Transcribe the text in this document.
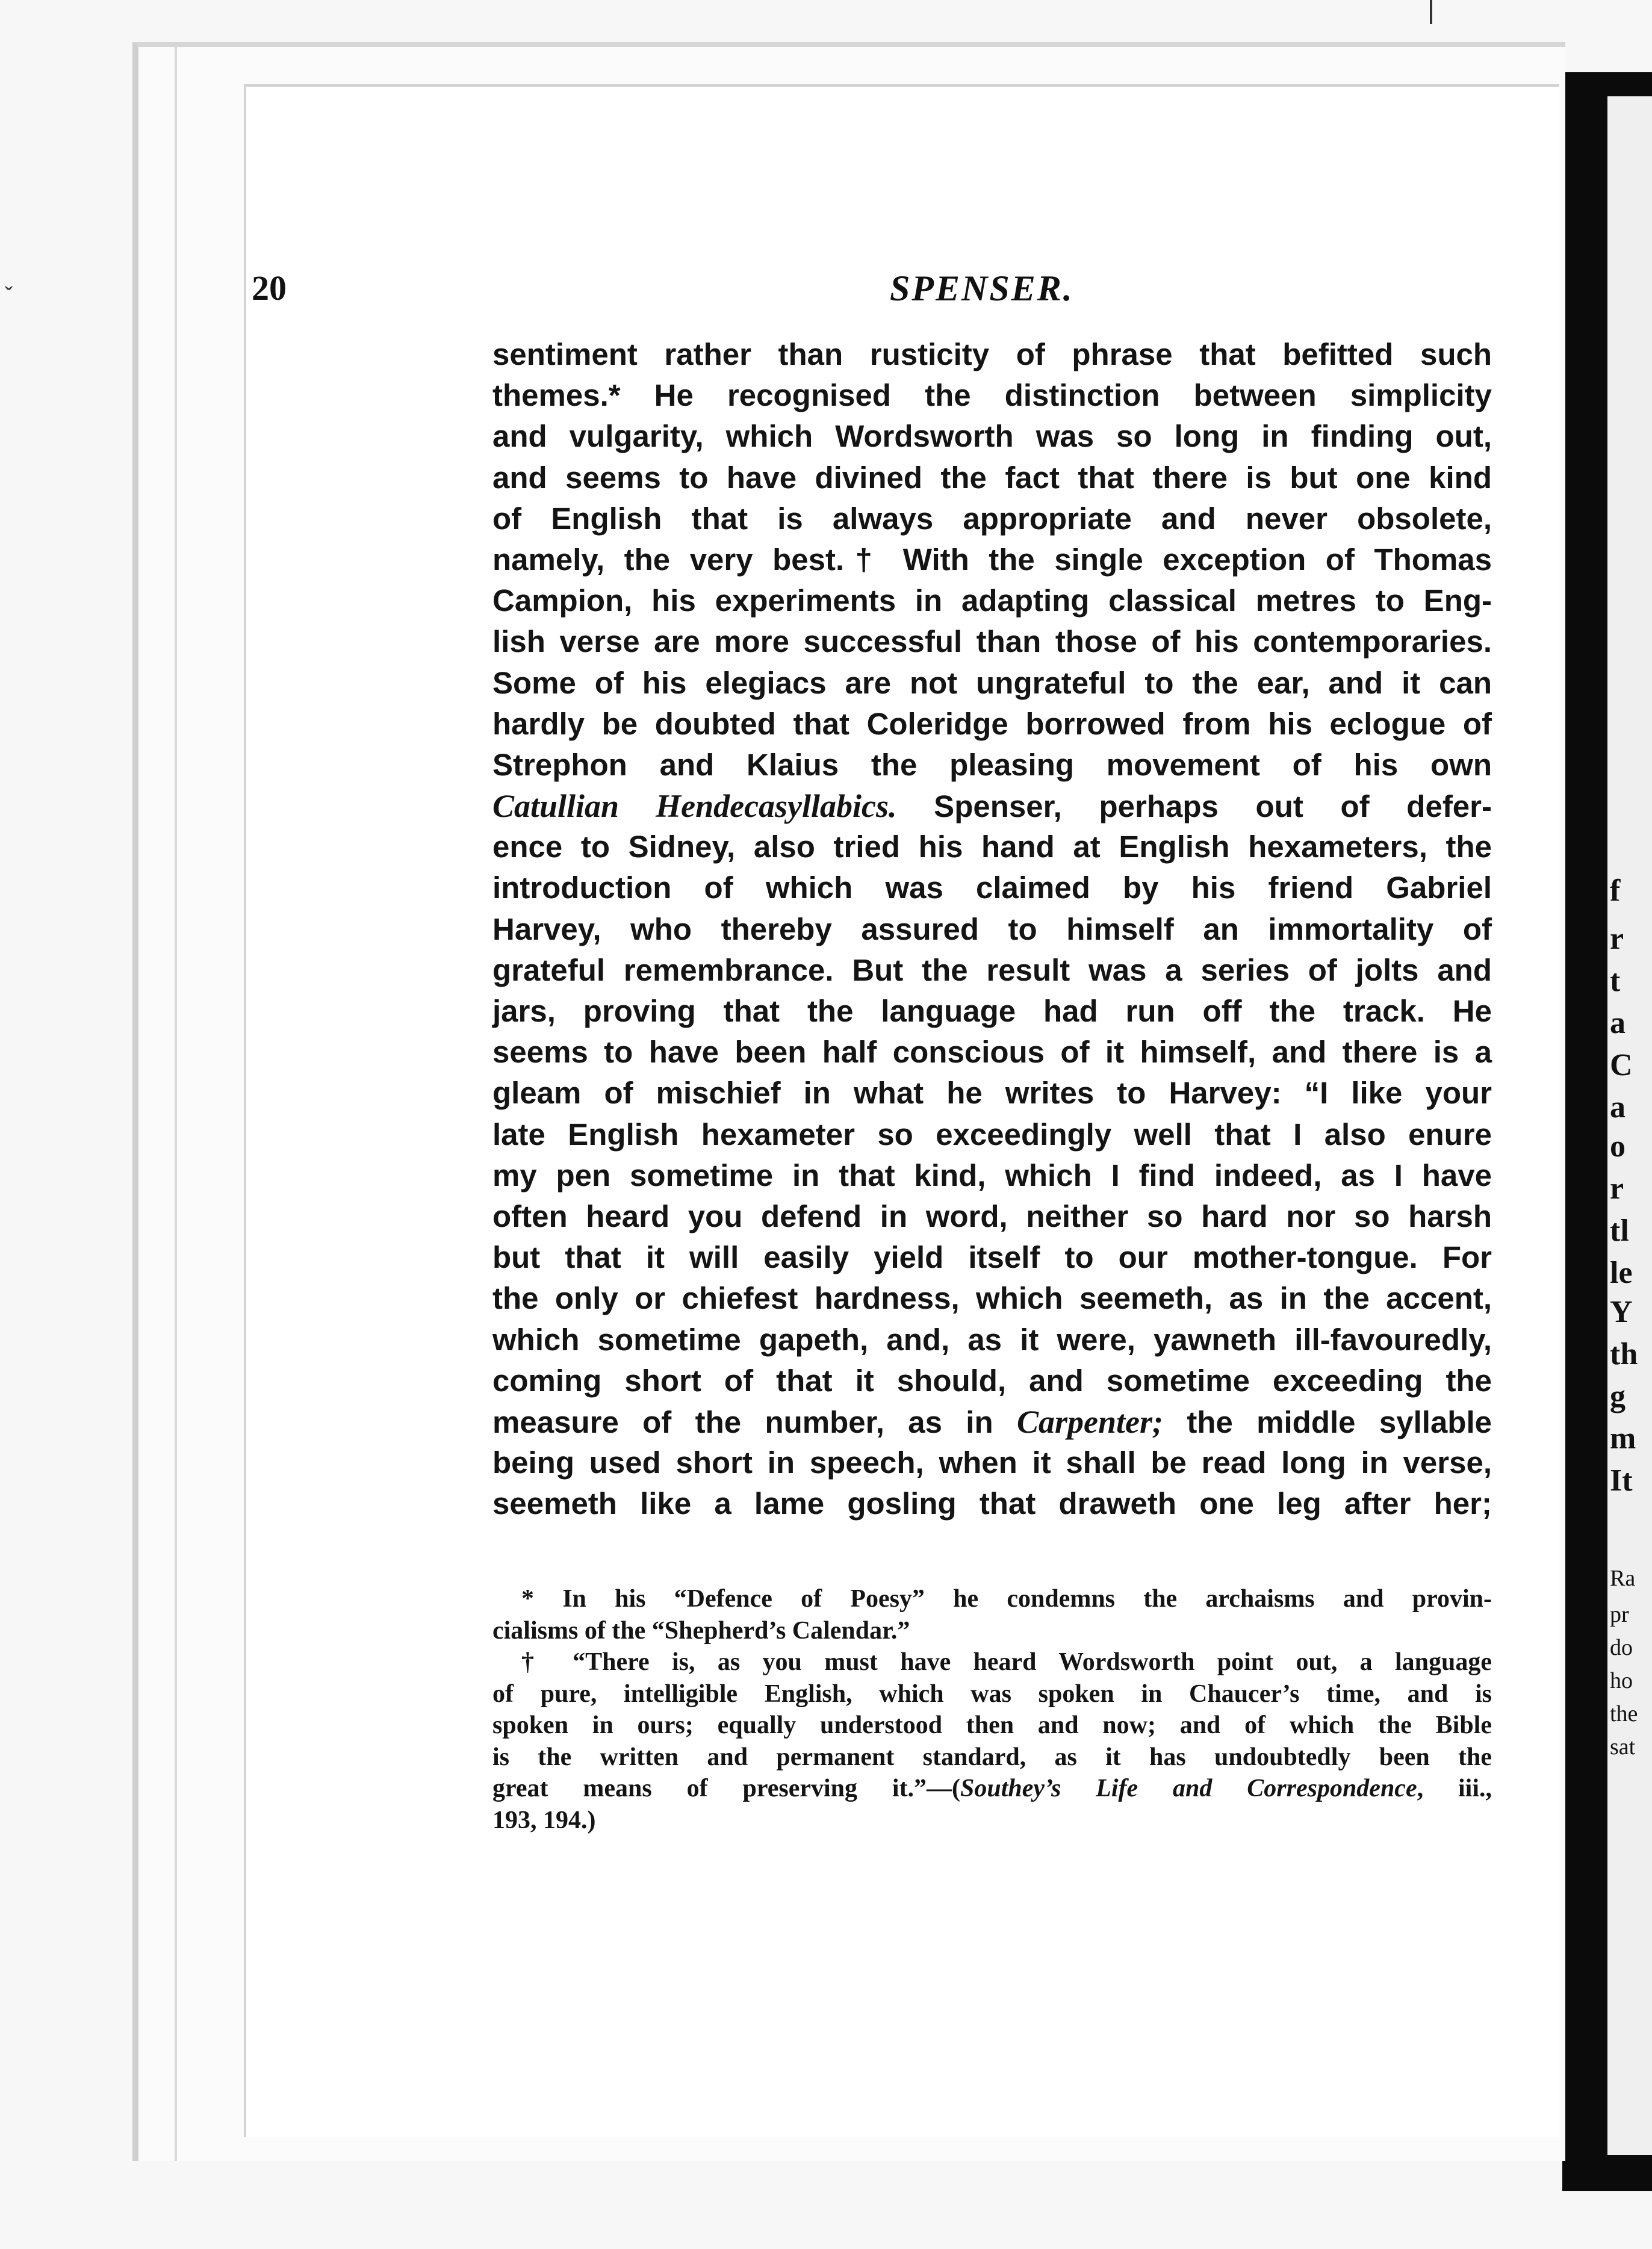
ˇ
f
r
t
a
C
a
o
r
tl
le
Y
th
g
m
It
Ra
pr
do
ho
the
sat
20	SPENSER.
sentiment rather than rusticity of phrase that befitted such
themes.* He recognised the distinction between simplicity
and vulgarity, which Wordsworth was so long in finding out,
and seems to have divined the fact that there is but one kind
of English that is always appropriate and never obsolete,
namely, the very best.† With the single exception of Thomas
Campion, his experiments in adapting classical metres to Eng-
lish verse are more successful than those of his contemporaries.
Some of his elegiacs are not ungrateful to the ear, and it can
hardly be doubted that Coleridge borrowed from his eclogue of
Strephon and Klaius the pleasing movement of his own
Catullian Hendecasyllabics. Spenser, perhaps out of defer-
ence to Sidney, also tried his hand at English hexameters, the
introduction of which was claimed by his friend Gabriel
Harvey, who thereby assured to himself an immortality of
grateful remembrance. But the result was a series of jolts and
jars, proving that the language had run off the track. He
seems to have been half conscious of it himself, and there is a
gleam of mischief in what he writes to Harvey: “I like your
late English hexameter so exceedingly well that I also enure
my pen sometime in that kind, which I find indeed, as I have
often heard you defend in word, neither so hard nor so harsh
but that it will easily yield itself to our mother-tongue. For
the only or chiefest hardness, which seemeth, as in the accent,
which sometime gapeth, and, as it were, yawneth ill-favouredly,
coming short of that it should, and sometime exceeding the
measure of the number, as in Carpenter; the middle syllable
being used short in speech, when it shall be read long in verse,
seemeth like a lame gosling that draweth one leg after her;
* In his “Defence of Poesy” he condemns the archaisms and provin-
cialisms of the “Shepherd’s Calendar.”
† “There is, as you must have heard Wordsworth point out, a language
of pure, intelligible English, which was spoken in Chaucer’s time, and is
spoken in ours; equally understood then and now; and of which the Bible
is the written and permanent standard, as it has undoubtedly been the
great means of preserving it.”—(Southey’s Life and Correspondence, iii.,
193, 194.)
